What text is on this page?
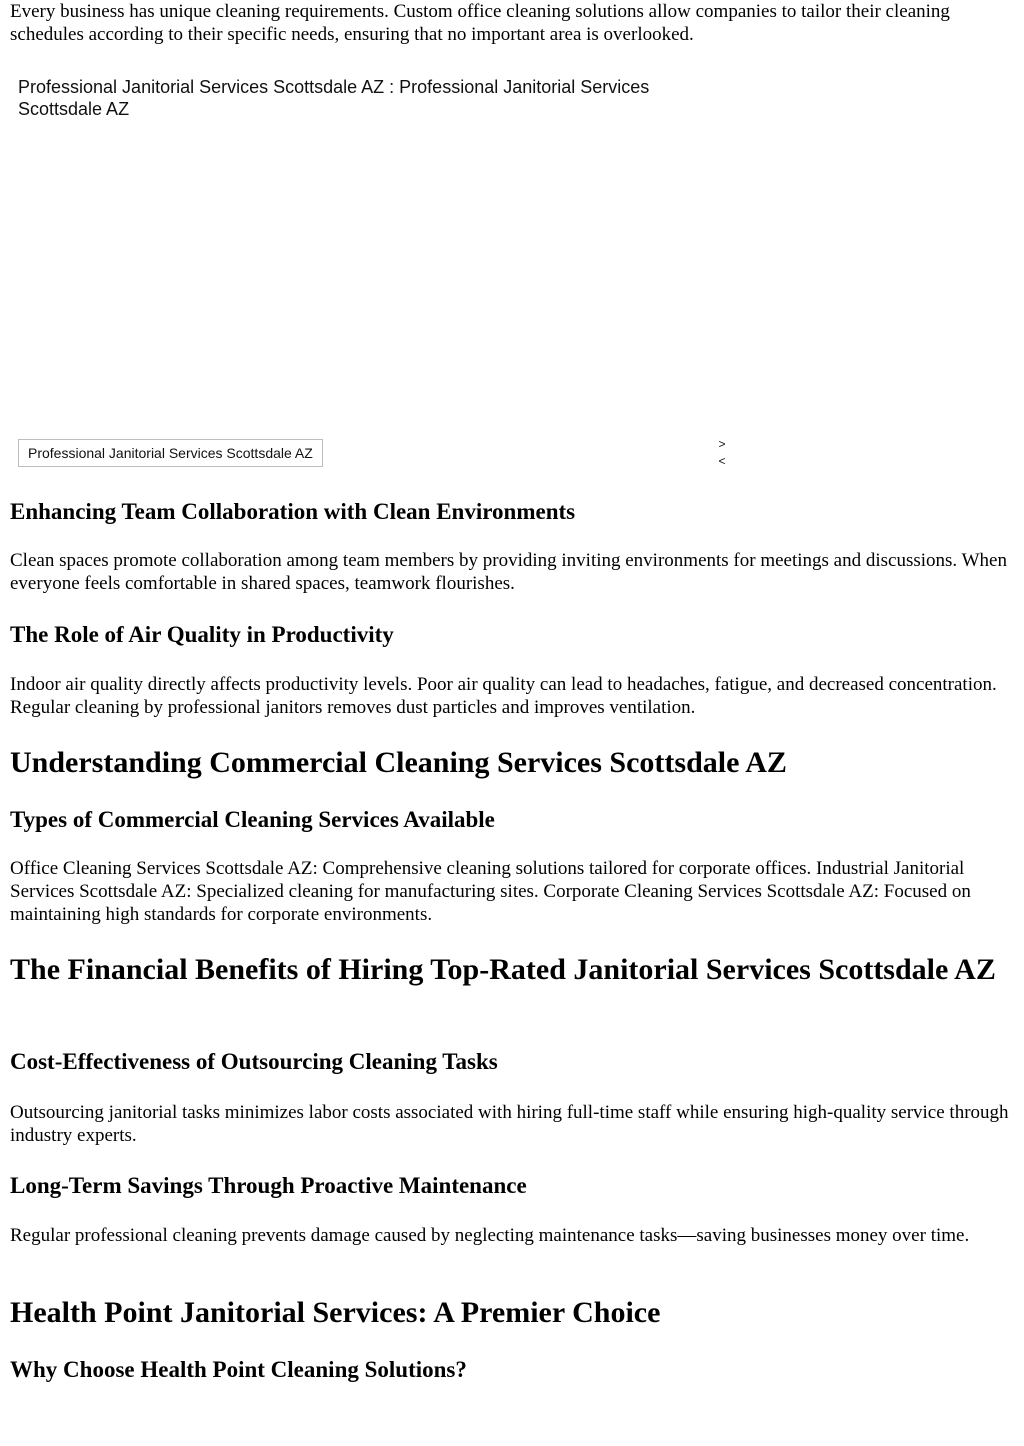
Every business has unique cleaning requirements. Custom office cleaning solutions allow companies to tailor their cleaning schedules according to their specific needs, ensuring that no important area is overlooked.

Professional Janitorial Services Scottsdale AZ : Professional Janitorial Services Scottsdale AZ
Professional Janitorial Services Scottsdale AZ
>
<
Enhancing Team Collaboration with Clean Environments

Clean spaces promote collaboration among team members by providing inviting environments for meetings and discussions. When everyone feels comfortable in shared spaces, teamwork flourishes.

The Role of Air Quality in Productivity

Indoor air quality directly affects productivity levels. Poor air quality can lead to headaches, fatigue, and decreased concentration. Regular cleaning by professional janitors removes dust particles and improves ventilation.

Understanding Commercial Cleaning Services Scottsdale AZ
Types of Commercial Cleaning Services Available

Office Cleaning Services Scottsdale AZ: Comprehensive cleaning solutions tailored for corporate offices. Industrial Janitorial Services Scottsdale AZ: Specialized cleaning for manufacturing sites. Corporate Cleaning Services Scottsdale AZ: Focused on maintaining high standards for corporate environments.

The Financial Benefits of Hiring Top-Rated Janitorial Services Scottsdale AZ
Cost-Effectiveness of Outsourcing Cleaning Tasks

Outsourcing janitorial tasks minimizes labor costs associated with hiring full-time staff while ensuring high-quality service through industry experts.

Long-Term Savings Through Proactive Maintenance

Regular professional cleaning prevents damage caused by neglecting maintenance tasks—saving businesses money over time.

Health Point Janitorial Services: A Premier Choice
Why Choose Health Point Cleaning Solutions?
